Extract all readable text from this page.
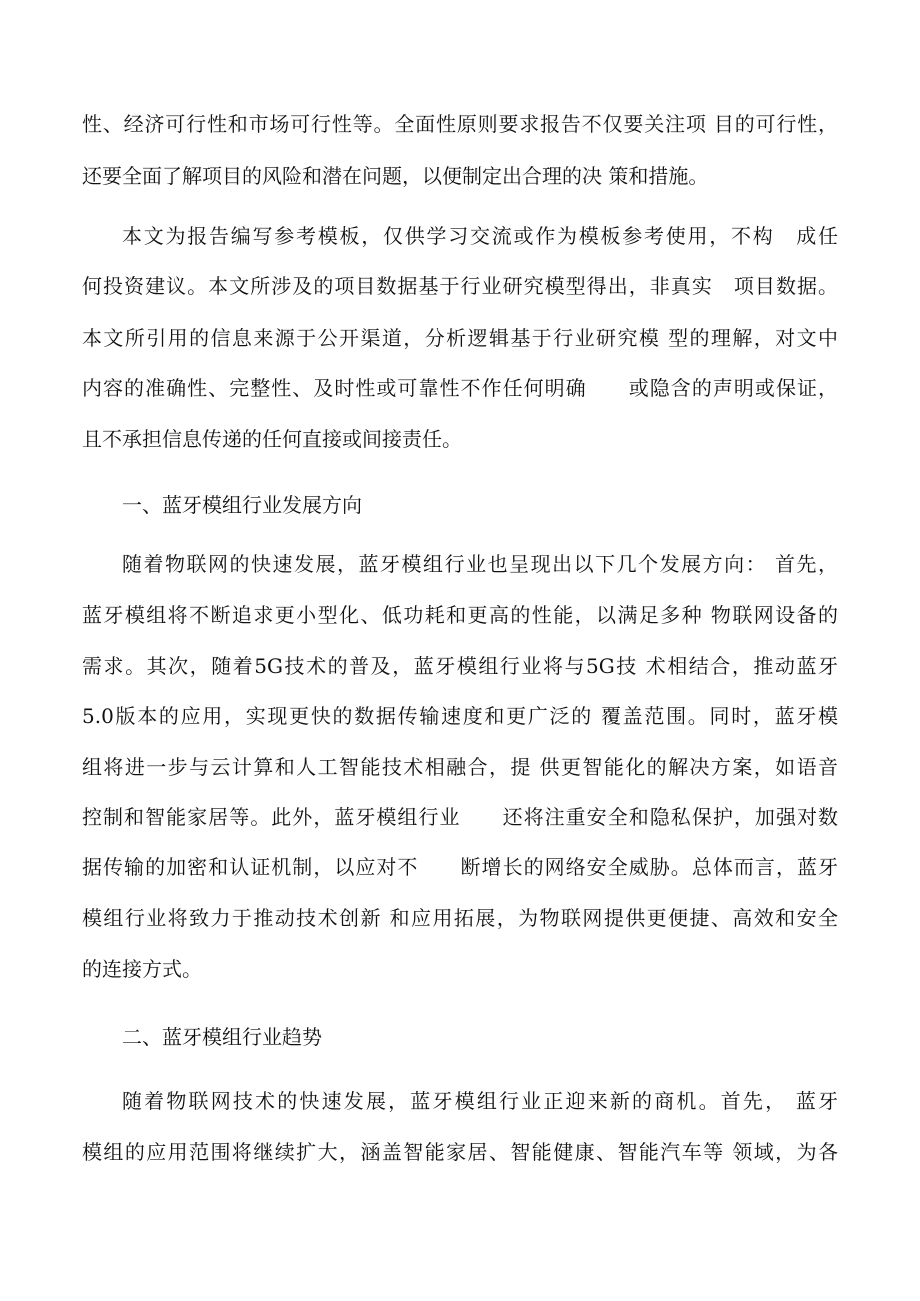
性、经济可行性和市场可行性等。全面性原则要求报告不仅要关注项 目的可行性，
还要全面了解项目的风险和潜在问题，以便制定出合理的决 策和措施。
本文为报告编写参考模板，仅供学习交流或作为模板参考使用，不构　成任
何投资建议。本文所涉及的项目数据基于行业研究模型得出，非真实　项目数据。
本文所引用的信息来源于公开渠道，分析逻辑基于行业研究模 型的理解，对文中
内容的准确性、完整性、及时性或可靠性不作任何明确　　或隐含的声明或保证，
且不承担信息传递的任何直接或间接责任。
一、蓝牙模组行业发展方向
随着物联网的快速发展，蓝牙模组行业也呈现出以下几个发展方向： 首先，
蓝牙模组将不断追求更小型化、低功耗和更高的性能，以满足多种 物联网设备的
需求。其次，随着5G技术的普及，蓝牙模组行业将与5G技 术相结合，推动蓝牙
5.0版本的应用，实现更快的数据传输速度和更广泛的 覆盖范围。同时，蓝牙模
组将进一步与云计算和人工智能技术相融合，提 供更智能化的解决方案，如语音
控制和智能家居等。此外，蓝牙模组行业　　还将注重安全和隐私保护，加强对数
据传输的加密和认证机制，以应对不　　断增长的网络安全威胁。总体而言，蓝牙
模组行业将致力于推动技术创新 和应用拓展，为物联网提供更便捷、高效和安全
的连接方式。
二、蓝牙模组行业趋势
随着物联网技术的快速发展，蓝牙模组行业正迎来新的商机。首先， 蓝牙
模组的应用范围将继续扩大，涵盖智能家居、智能健康、智能汽车等 领域，为各
